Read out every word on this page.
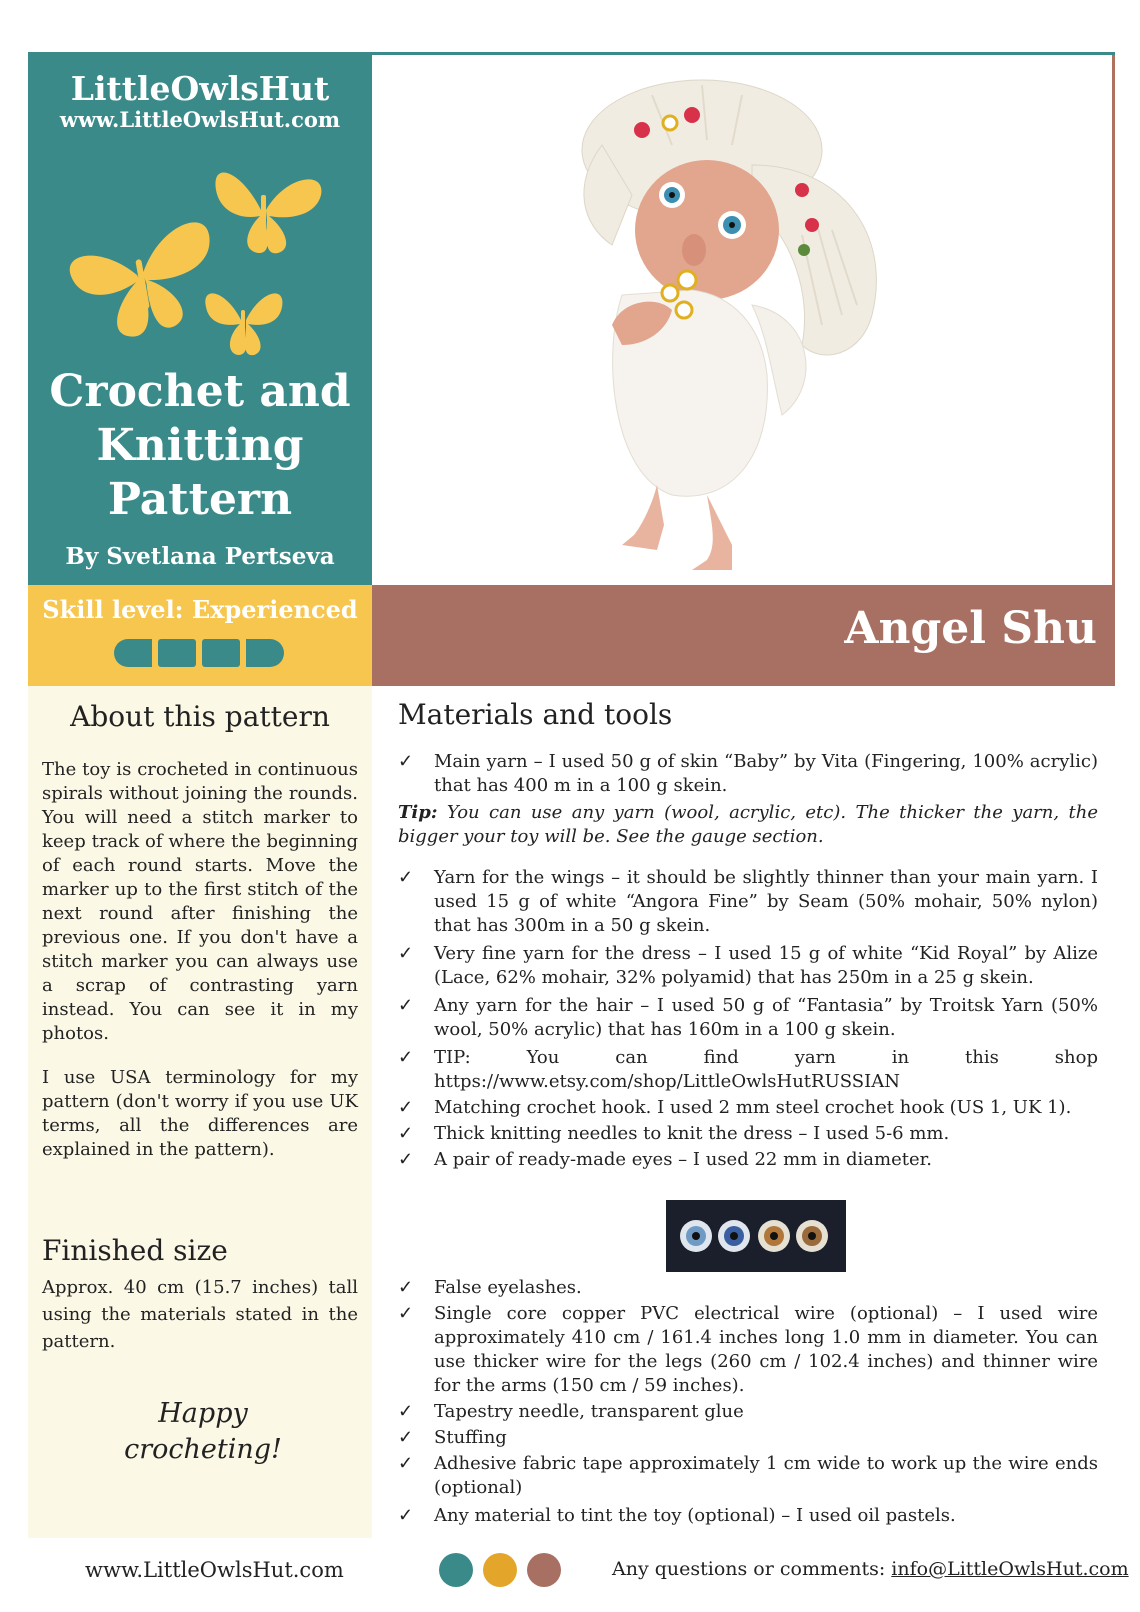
LittleOwlsHut
www.LittleOwlsHut.com
Crochet and
Knitting
Pattern
By Svetlana Pertseva
Skill level: Experienced	Angel Shu
About this pattern

The toy is crocheted in continuous spirals without joining the rounds. You will need a stitch marker to keep track of where the beginning of each round starts. Move the marker up to the first stitch of the next round after finishing the previous one. If you don't have a stitch marker you can always use a scrap of contrasting yarn instead. You can see it in my photos.

I use USA terminology for my pattern (don't worry if you use UK terms, all the differences are explained in the pattern).

Finished size
Approx. 40 cm (15.7 inches) tall using the materials stated in the pattern.
Happy
crocheting!
Materials and tools
✓ Main yarn – I used 50 g of skin “Baby” by Vita (Fingering, 100% acrylic) that has 400 m in a 100 g skein.
Tip: You can use any yarn (wool, acrylic, etc). The thicker the yarn, the bigger your toy will be. See the gauge section.
✓ Yarn for the wings – it should be slightly thinner than your main yarn. I used 15 g of white “Angora Fine” by Seam (50% mohair, 50% nylon) that has 300m in a 50 g skein.
✓ Very fine yarn for the dress – I used 15 g of white “Kid Royal” by Alize (Lace, 62% mohair, 32% polyamid) that has 250m in a 25 g skein.
✓ Any yarn for the hair – I used 50 g of “Fantasia” by Troitsk Yarn (50% wool, 50% acrylic) that has 160m in a 100 g skein.
✓ TIP: You can find yarn in this shop https://www.etsy.com/shop/LittleOwlsHutRUSSIAN
✓ Matching crochet hook. I used 2 mm steel crochet hook (US 1, UK 1).
✓ Thick knitting needles to knit the dress – I used 5-6 mm.
✓ A pair of ready-made eyes – I used 22 mm in diameter.
✓ False eyelashes.
✓ Single core copper PVC electrical wire (optional) – I used wire approximately 410 cm / 161.4 inches long 1.0 mm in diameter. You can use thicker wire for the legs (260 cm / 102.4 inches) and thinner wire for the arms (150 cm / 59 inches).
✓ Tapestry needle, transparent glue
✓ Stuffing
✓ Adhesive fabric tape approximately 1 cm wide to work up the wire ends (optional)
✓ Any material to tint the toy (optional) – I used oil pastels.
www.LittleOwlsHut.com	Any questions or comments: info@LittleOwlsHut.com
